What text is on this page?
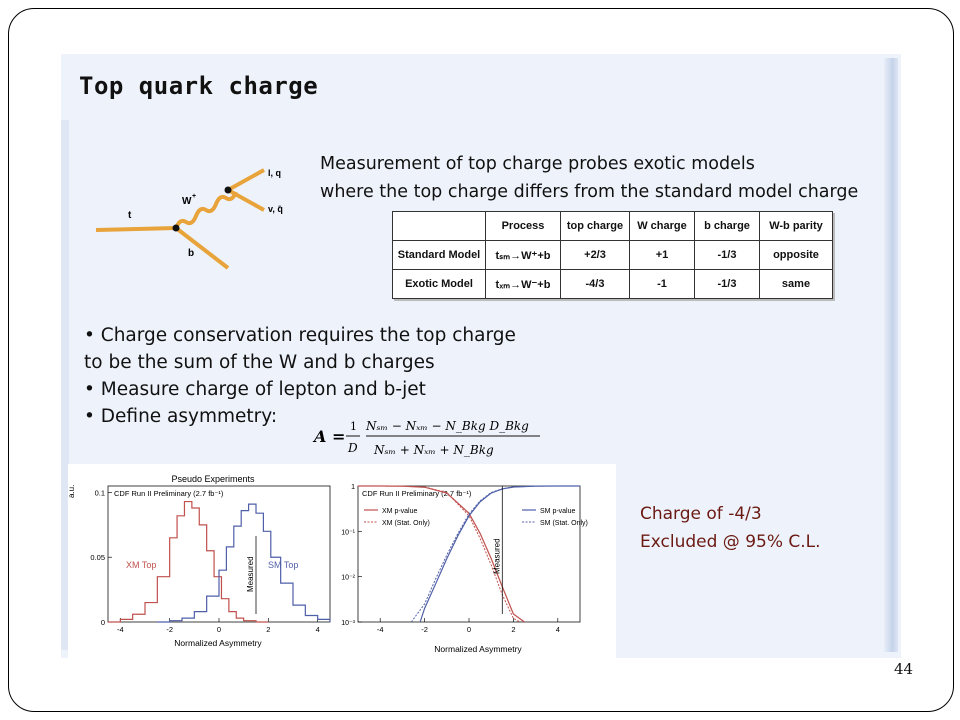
Top quark charge
t
W +
b
l, q
v, q̄
Measurement of top charge probes exotic models
where the top charge differs from the standard model charge
	Process	top charge	W charge	b charge	W-b parity
Standard Model	tₛₘ→W⁺+b	+2/3	+1	-1/3	opposite
Exotic Model	tₓₘ→W⁻+b	-4/3	-1	-1/3	same
• Charge conservation requires the top charge
to be the sum of the W and b charges
• Measure charge of lepton and b-jet
• Define asymmetry:
A =
1
D
Nₛₘ − Nₓₘ − N_Bkg D_Bkg
Nₛₘ + Nₓₘ + N_Bkg
Pseudo Experiments
a.u.	CDF Run II Preliminary (2.7 fb⁻¹)
-4	-2	0	2	4
0
0.05
0.1
XM Top	SM Top
Measured
Normalized Asymmetry
CDF Run II Preliminary (2.7 fb⁻¹)
-4	-2	0	2	4
1
10⁻¹
10⁻²
10⁻³
XM p-value
XM (Stat. Only)
SM p-value
SM (Stat. Only)
Measured
Normalized Asymmetry
Charge of -4/3
Excluded @ 95% C.L.
44
